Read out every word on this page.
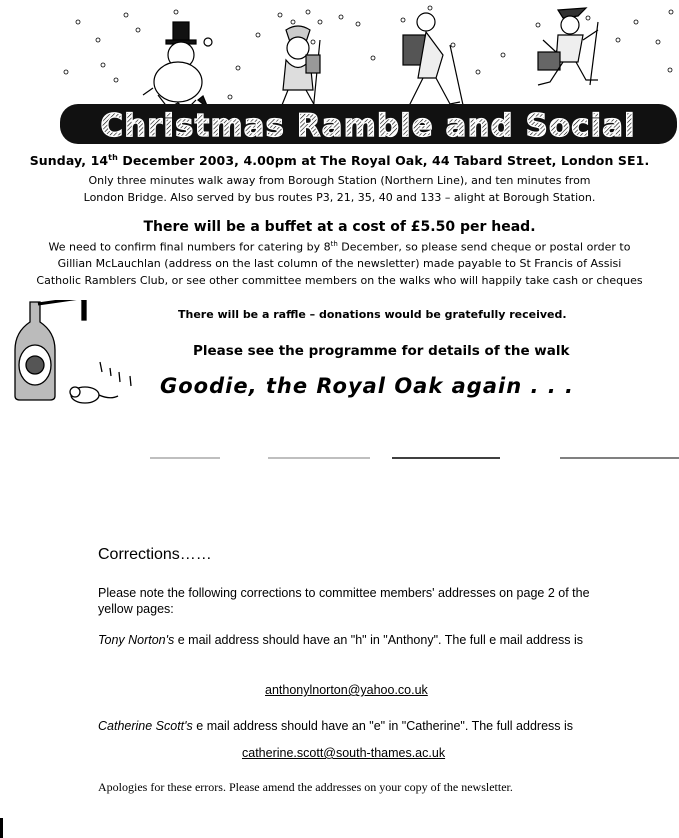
Christmas Ramble and Social
Sunday, 14th December 2003, 4.00pm at The Royal Oak, 44 Tabard Street, London SE1.
Only three minutes walk away from Borough Station (Northern Line), and ten minutes from
London Bridge. Also served by bus routes P3, 21, 35, 40 and 133 – alight at Borough Station.
There will be a buffet at a cost of £5.50 per head.
We need to confirm final numbers for catering by 8th December, so please send cheque or postal order to
Gillian McLauchlan (address on the last column of the newsletter) made payable to St Francis of Assisi
Catholic Ramblers Club, or see other committee members on the walks who will happily take cash or cheques
There will be a raffle – donations would be gratefully received.
Please see the programme for details of the walk
Goodie, the Royal Oak again . . .
Corrections……
Please note the following corrections to committee members' addresses on page 2 of the yellow pages:
Tony Norton's e mail address should have an "h" in "Anthony". The full e mail address is
anthonylnorton@yahoo.co.uk
Catherine Scott's e mail address should have an "e" in "Catherine". The full address is
catherine.scott@south-thames.ac.uk
Apologies for these errors. Please amend the addresses on your copy of the newsletter.
